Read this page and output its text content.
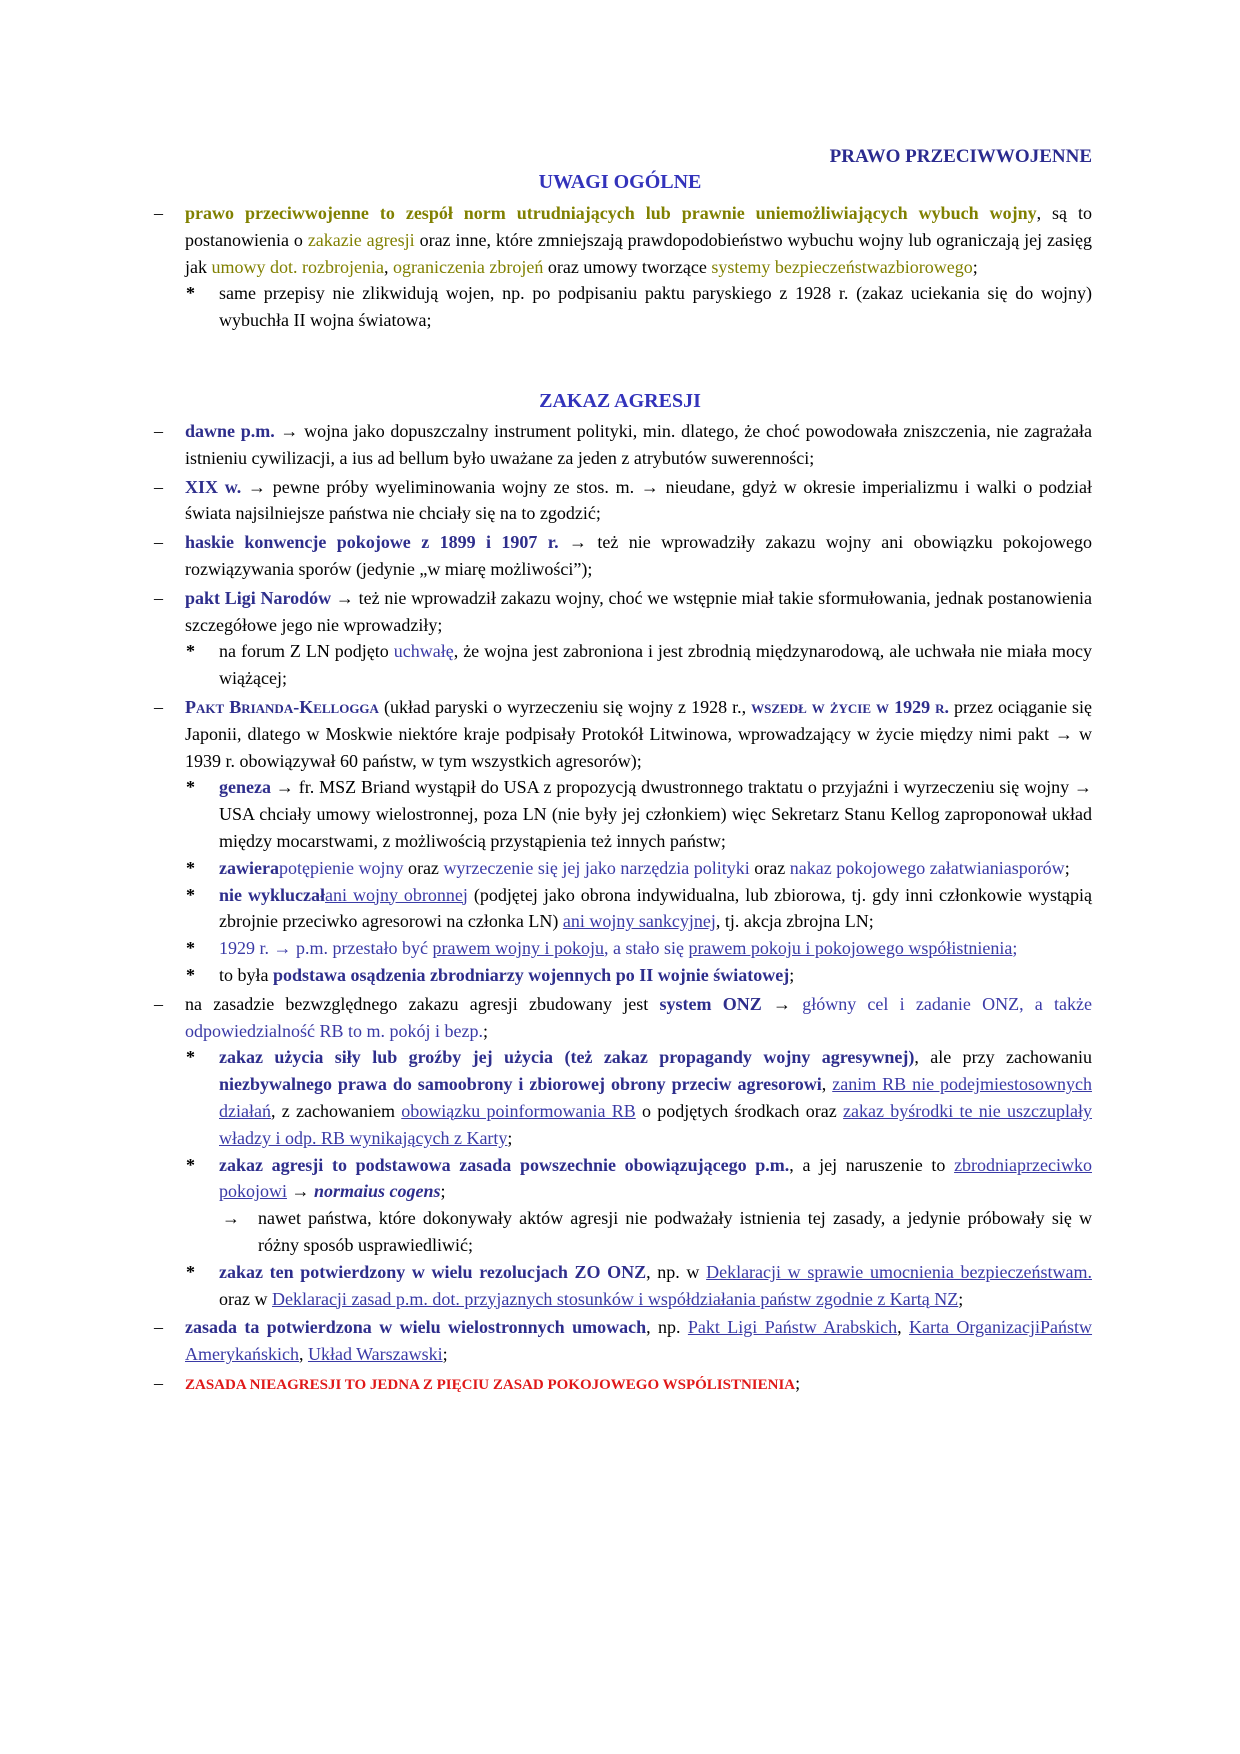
PRAWO PRZECIWWOJENNE
UWAGI OGÓLNE
– prawo przeciwwojenne to zespół norm utrudniających lub prawnie uniemożliwiających wybuch wojny, są to postanowienia o zakazie agresji oraz inne, które zmniejszają prawdopodobieństwo wybuchu wojny lub ograniczają jej zasięg jak umowy dot. rozbrojenia, ograniczenia zbrojeń oraz umowy tworzące systemy bezpieczeństwazbiorowego;
* same przepisy nie zlikwidują wojen, np. po podpisaniu paktu paryskiego z 1928 r. (zakaz uciekania się do wojny) wybuchła II wojna światowa;
ZAKAZ AGRESJI
– dawne p.m. → wojna jako dopuszczalny instrument polityki, min. dlatego, że choć powodowała zniszczenia, nie zagrażała istnieniu cywilizacji, a ius ad bellum było uważane za jeden z atrybutów suwerenności;
– XIX w. → pewne próby wyeliminowania wojny ze stos. m. → nieudane, gdyż w okresie imperializmu i walki o podział świata najsilniejsze państwa nie chciały się na to zgodzić;
– haskie konwencje pokojowe z 1899 i 1907 r. → też nie wprowadziły zakazu wojny ani obowiązku pokojowego rozwiązywania sporów (jedynie „w miarę możliwości”);
– pakt Ligi Narodów → też nie wprowadził zakazu wojny, choć we wstępnie miał takie sformułowania, jednak postanowienia szczegółowe jego nie wprowadziły;
* na forum Z LN podjęto uchwałę, że wojna jest zabroniona i jest zbrodnią międzynarodową, ale uchwała nie miała mocy wiążącej;
– Pakt Brianda-Kellogga (układ paryski o wyrzeczeniu się wojny z 1928 r., wszedł w życie w 1929 r. przez ociąganie się Japonii, dlatego w Moskwie niektóre kraje podpisały Protokół Litwinowa, wprowadzający w życie między nimi pakt → w 1939 r. obowiązywał 60 państw, w tym wszystkich agresorów);
* geneza → fr. MSZ Briand wystąpił do USA z propozycją dwustronnego traktatu o przyjaźni i wyrzeczeniu się wojny → USA chciały umowy wielostronnej, poza LN (nie były jej członkiem) więc Sekretarz Stanu Kellog zaproponował układ między mocarstwami, z możliwością przystąpienia też innych państw;
* zawierapotępienie wojny oraz wyrzeczenie się jej jako narzędzia polityki oraz nakaz pokojowego załatwianiasporów;
* nie wykluczałani wojny obronnej (podjętej jako obrona indywidualna, lub zbiorowa, tj. gdy inni członkowie wystąpią zbrojnie przeciwko agresorowi na członka LN) ani wojny sankcyjnej, tj. akcja zbrojna LN;
* 1929 r. → p.m. przestało być prawem wojny i pokoju, a stało się prawem pokoju i pokojowego współistnienia;
* to była podstawa osądzenia zbrodniarzy wojennych po II wojnie światowej;
– na zasadzie bezwzględnego zakazu agresji zbudowany jest system ONZ → główny cel i zadanie ONZ, a także odpowiedzialność RB to m. pokój i bezp.;
* zakaz użycia siły lub groźby jej użycia (też zakaz propagandy wojny agresywnej), ale przy zachowaniu niezbywalnego prawa do samoobrony i zbiorowej obrony przeciw agresorowi, zanim RB nie podejmiestosownych działań, z zachowaniem obowiązku poinformowania RB o podjętych środkach oraz zakaz byśrodki te nie uszczuplały władzy i odp. RB wynikających z Karty;
* zakaz agresji to podstawowa zasada powszechnie obowiązującego p.m., a jej naruszenie to zbrodniaprzeciwko pokojowi → normaius cogens;
→ nawet państwa, które dokonywały aktów agresji nie podważały istnienia tej zasady, a jedynie próbowały się w różny sposób usprawiedliwić;
* zakaz ten potwierdzony w wielu rezolucjach ZO ONZ, np. w Deklaracji w sprawie umocnienia bezpieczeństwam. oraz w Deklaracji zasad p.m. dot. przyjaznych stosunków i współdziałania państw zgodnie z Kartą NZ;
– zasada ta potwierdzona w wielu wielostronnych umowach, np. Pakt Ligi Państw Arabskich, Karta OrganizacjiPaństw Amerykańskich, Układ Warszawski;
– ZASADA NIEAGRESJI TO JEDNA Z PIĘCIU ZASAD POKOJOWEGO WSPÓLISTNIENIA;
